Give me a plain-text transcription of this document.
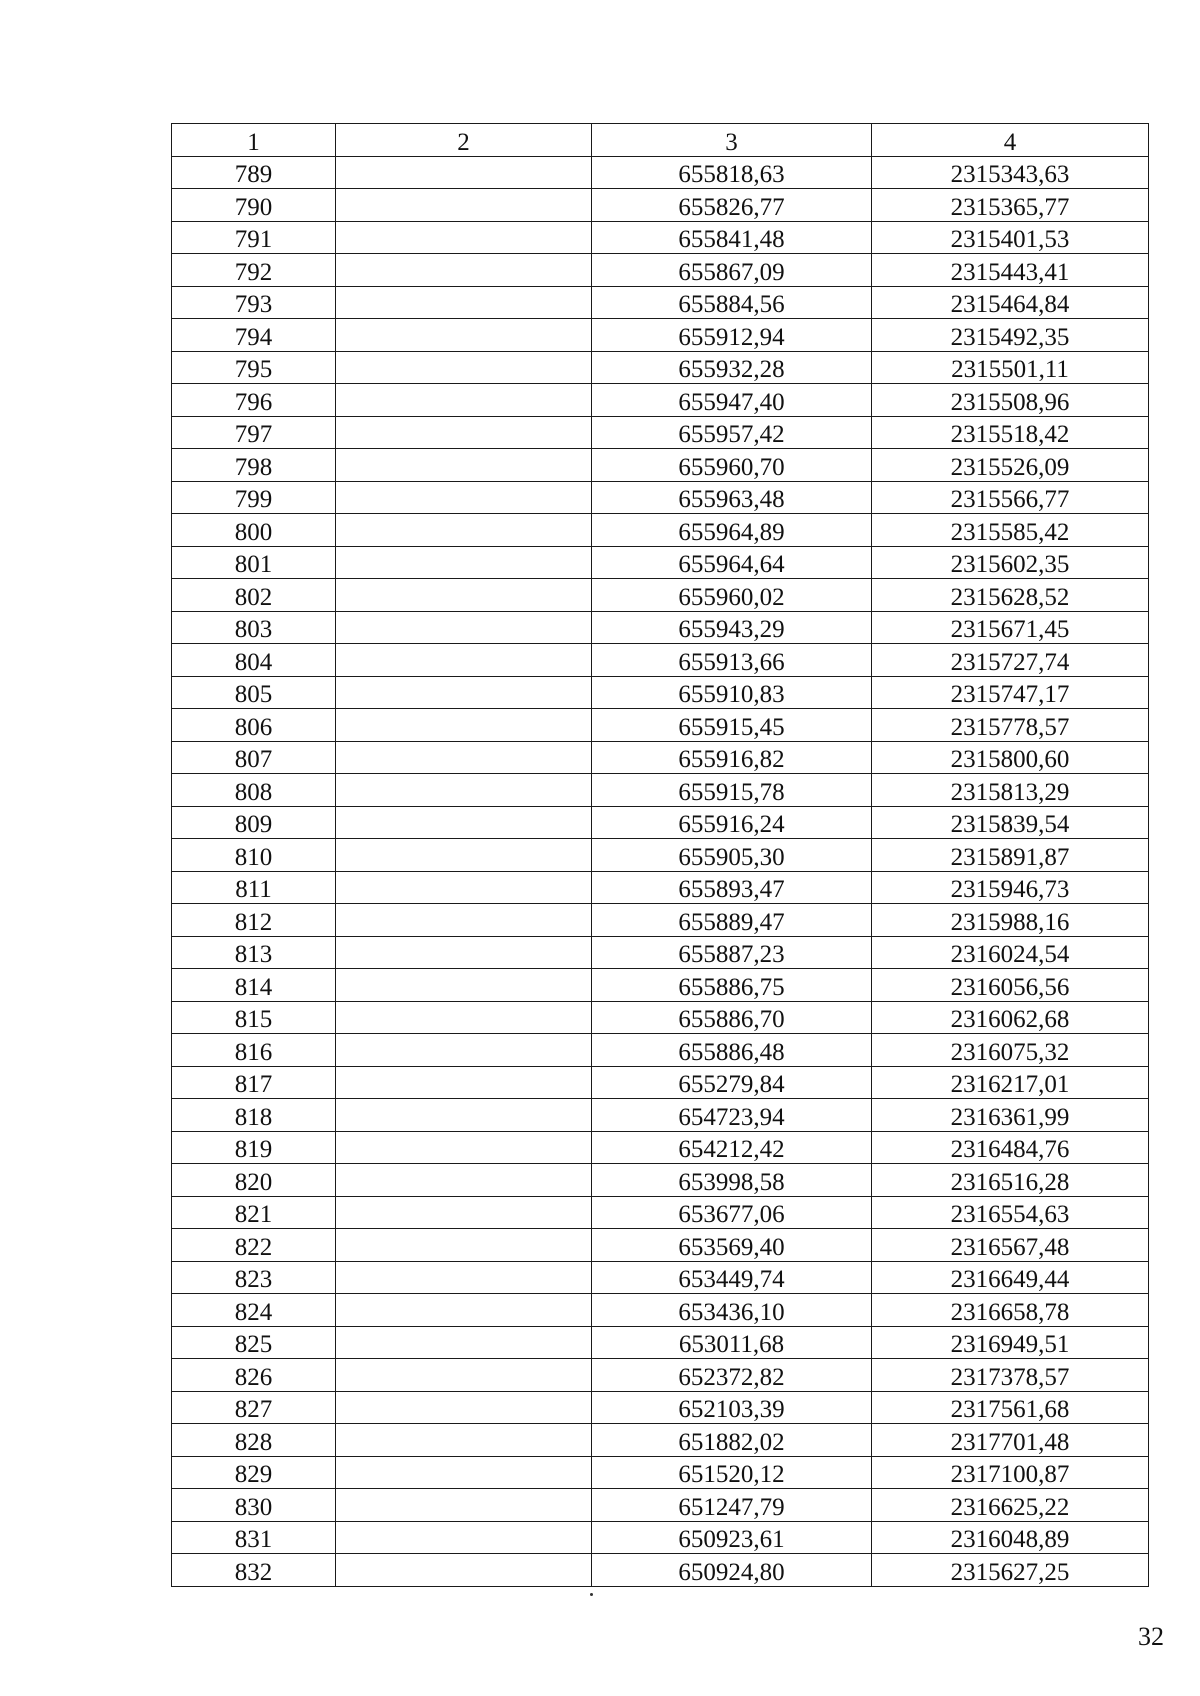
1	2	3	4
789		655818,63	2315343,63
790		655826,77	2315365,77
791		655841,48	2315401,53
792		655867,09	2315443,41
793		655884,56	2315464,84
794		655912,94	2315492,35
795		655932,28	2315501,11
796		655947,40	2315508,96
797		655957,42	2315518,42
798		655960,70	2315526,09
799		655963,48	2315566,77
800		655964,89	2315585,42
801		655964,64	2315602,35
802		655960,02	2315628,52
803		655943,29	2315671,45
804		655913,66	2315727,74
805		655910,83	2315747,17
806		655915,45	2315778,57
807		655916,82	2315800,60
808		655915,78	2315813,29
809		655916,24	2315839,54
810		655905,30	2315891,87
811		655893,47	2315946,73
812		655889,47	2315988,16
813		655887,23	2316024,54
814		655886,75	2316056,56
815		655886,70	2316062,68
816		655886,48	2316075,32
817		655279,84	2316217,01
818		654723,94	2316361,99
819		654212,42	2316484,76
820		653998,58	2316516,28
821		653677,06	2316554,63
822		653569,40	2316567,48
823		653449,74	2316649,44
824		653436,10	2316658,78
825		653011,68	2316949,51
826		652372,82	2317378,57
827		652103,39	2317561,68
828		651882,02	2317701,48
829		651520,12	2317100,87
830		651247,79	2316625,22
831		650923,61	2316048,89
832		650924,80	2315627,25
32
